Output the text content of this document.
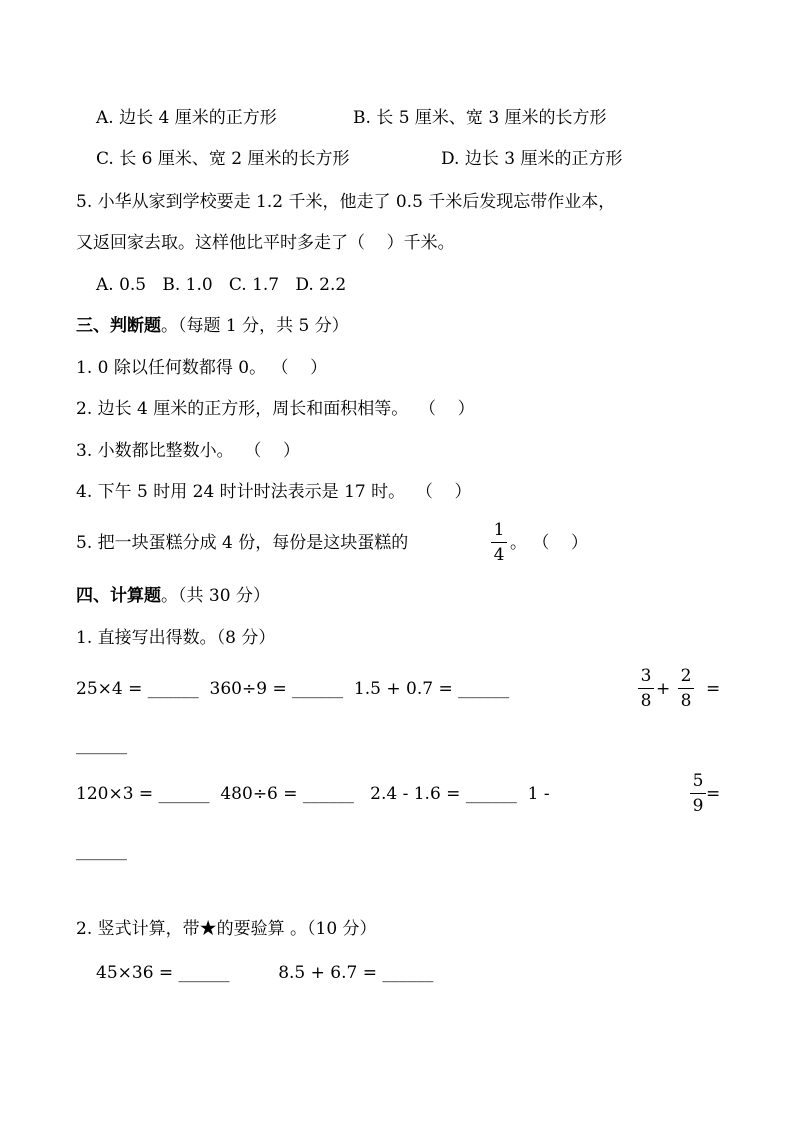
A. 边长 4 厘米的正方形	B. 长 5 厘米、宽 3 厘米的长方形
C. 长 6 厘米、宽 2 厘米的长方形	D. 边长 3 厘米的正方形
5. 小华从家到学校要走 1.2 千米，他走了 0.5 千米后发现忘带作业本，
又返回家去取。这样他比平时多走了（    ）千米。
A. 0.5   B. 1.0   C. 1.7   D. 2.2
三、判断题。（每题 1 分，共 5 分）
1. 0 除以任何数都得 0。 （    ）
2. 边长 4 厘米的正方形，周长和面积相等。  （    ）
3. 小数都比整数小。  （    ）
4. 下午 5 时用 24 时计时法表示是 17 时。  （    ）
5. 把一块蛋糕分成 4 份，每份是这块蛋糕的
1
4
。 （    ）
四、计算题。（共 30 分）
1. 直接写出得数。（8 分）
25×4 = ______  360÷9 = ______  1.5 + 0.7 = ______
3
8
+
2
8
=
______
120×3 = ______  480÷6 = ______   2.4 - 1.6 = ______  1 -
5
9
=
______
2. 竖式计算，带★的要验算 。（10 分）
45×36 = ______         8.5 + 6.7 = ______
